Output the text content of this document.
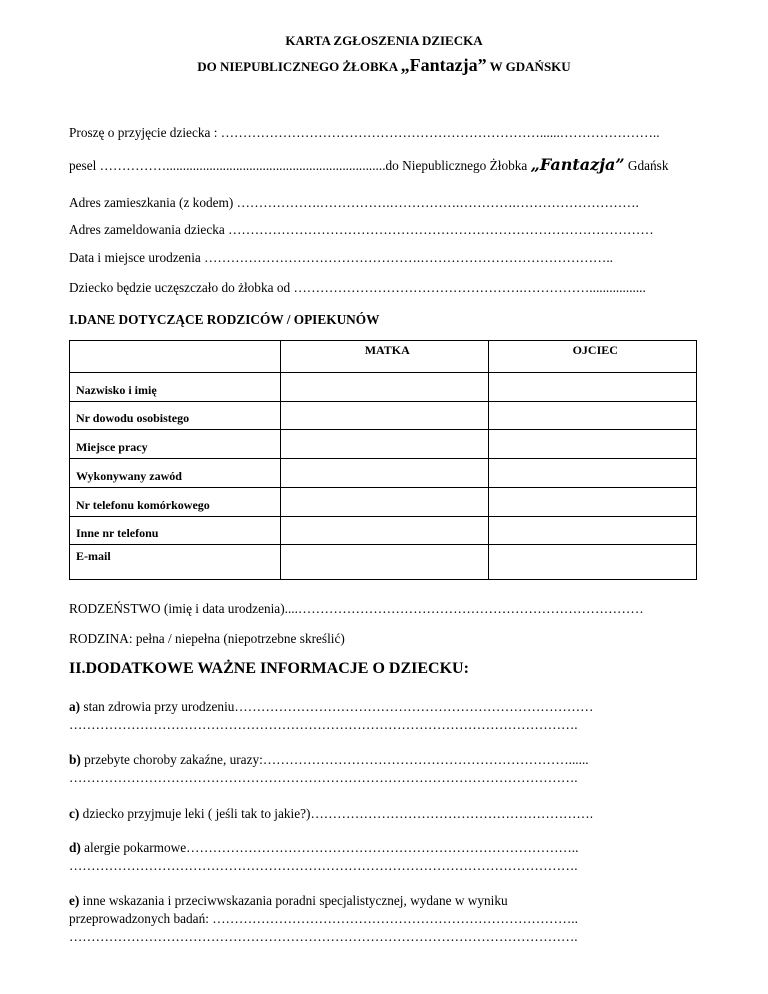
KARTA ZGŁOSZENIA DZIECKA
DO NIEPUBLICZNEGO ŻŁOBKA „Fantazja” W GDAŃSKU
Proszę o przyjęcie dziecka : ………………………………………………………………......…………………..
pesel ……………..................................................................do Niepublicznego Żłobka „Fantazja” Gdańsk
Adres zamieszkania (z kodem) ……………….…………….…………….………….……………………….
Adres zameldowania dziecka ……………………………………………………………………………………
Data i miejsce urodzenia ………………………………………….……………………………………..
Dziecko będzie uczęszczało do żłobka od …………………………………………….…………….................
I.DANE DOTYCZĄCE RODZICÓW / OPIEKUNÓW
	MATKA	OJCIEC
Nazwisko i imię		
Nr dowodu osobistego		
Miejsce pracy		
Wykonywany zawód		
Nr telefonu komórkowego		
Inne nr telefonu		
E-mail		
RODZEŃSTWO (imię i data urodzenia)....……………………………………………………………………
RODZINA: pełna / niepełna (niepotrzebne skreślić)
II.DODATKOWE WAŻNE INFORMACJE O DZIECKU:
a) stan zdrowia przy urodzeniu………………………………………………………………………
…………………………………………………………………………………………………….
b) przebyte choroby zakaźne, urazy:……………………………………………………………......
…………………………………………………………………………………………………….
c) dziecko przyjmuje leki ( jeśli tak to jakie?)……………………………………………………….
d) alergie pokarmowe……………………………………………………………………………..
…………………………………………………………………………………………………….
e) inne wskazania i przeciwwskazania poradni specjalistycznej, wydane w wyniku
przeprowadzonych badań: ………………………………………………………………………..
…………………………………………………………………………………………………….
